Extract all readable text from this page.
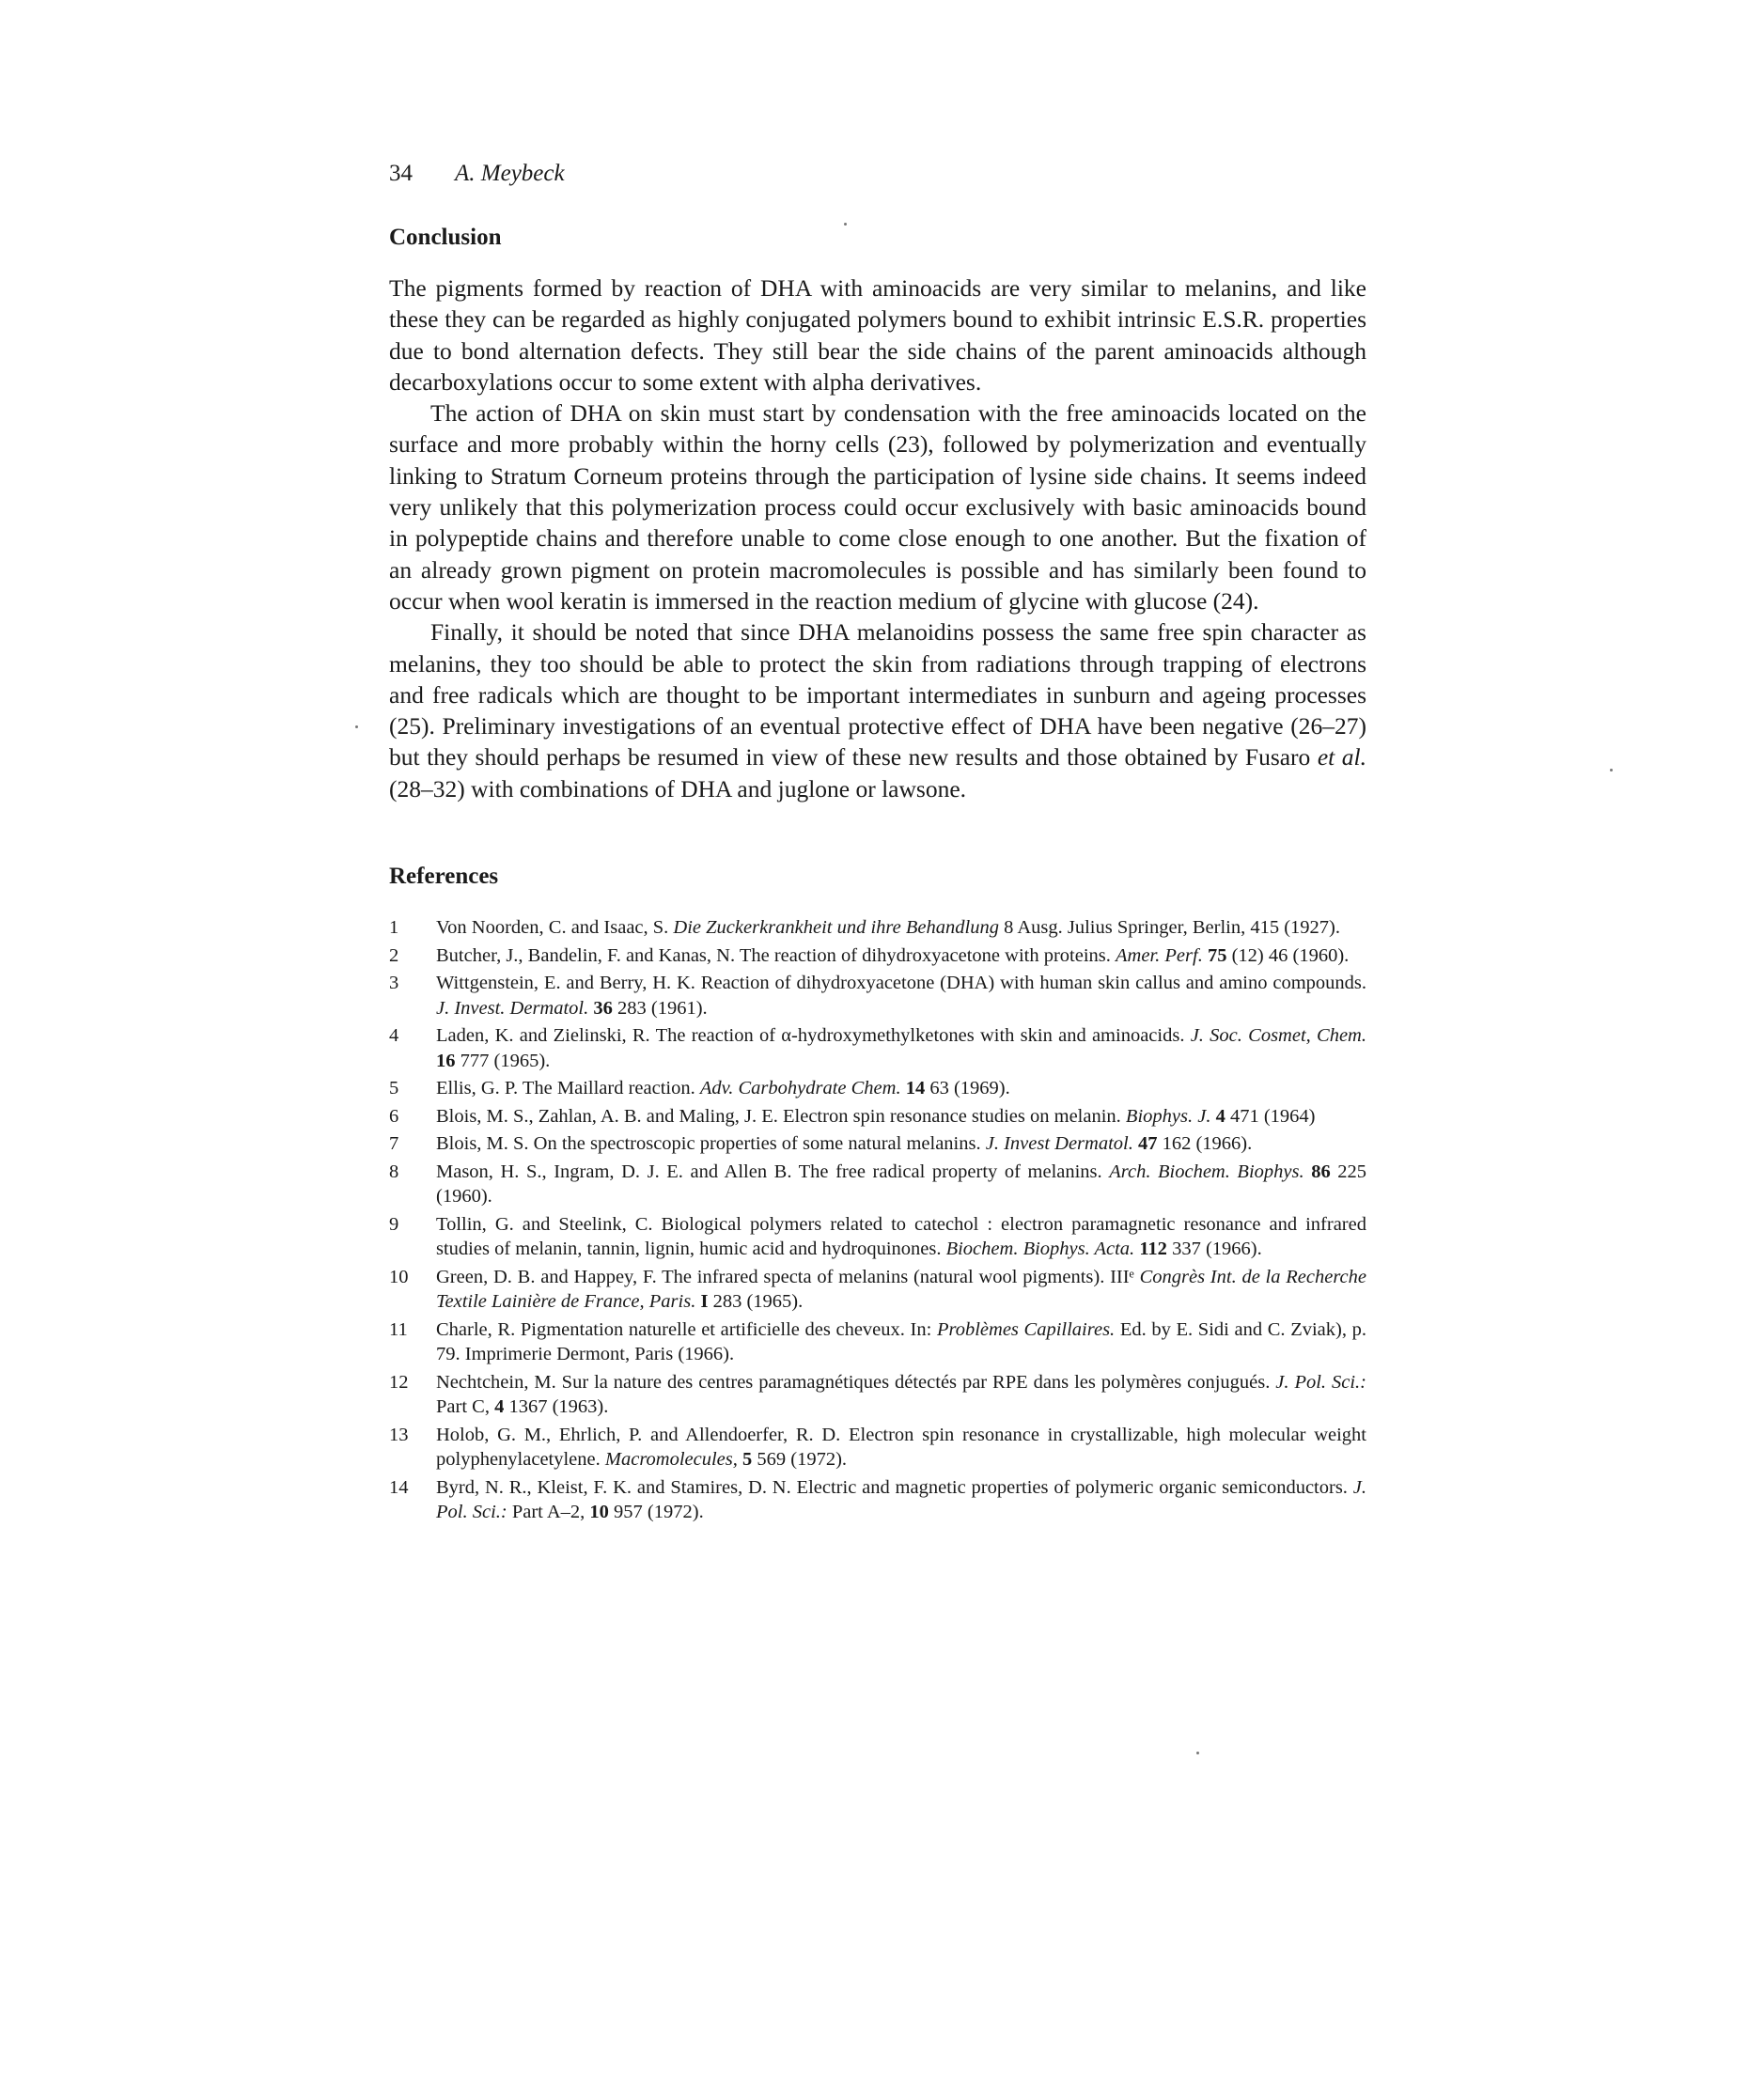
34 A. Meybeck
Conclusion

The pigments formed by reaction of DHA with aminoacids are very similar to melanins, and like these they can be regarded as highly conjugated polymers bound to exhibit intrinsic E.S.R. properties due to bond alternation defects. They still bear the side chains of the parent aminoacids although decarboxylations occur to some extent with alpha derivatives.

The action of DHA on skin must start by condensation with the free aminoacids located on the surface and more probably within the horny cells (23), followed by polymerization and eventually linking to Stratum Corneum proteins through the participation of lysine side chains. It seems indeed very unlikely that this polymerization process could occur exclusively with basic aminoacids bound in polypeptide chains and therefore unable to come close enough to one another. But the fixation of an already grown pigment on protein macromolecules is possible and has similarly been found to occur when wool keratin is immersed in the reaction medium of glycine with glucose (24).

Finally, it should be noted that since DHA melanoidins possess the same free spin character as melanins, they too should be able to protect the skin from radiations through trapping of electrons and free radicals which are thought to be important intermediates in sunburn and ageing processes (25). Preliminary investigations of an eventual protective effect of DHA have been negative (26–27) but they should perhaps be resumed in view of these new results and those obtained by Fusaro et al. (28–32) with combinations of DHA and juglone or lawsone.

References
1	Von Noorden, C. and Isaac, S. Die Zuckerkrankheit und ihre Behandlung 8 Ausg. Julius Springer, Berlin, 415 (1927).
2	Butcher, J., Bandelin, F. and Kanas, N. The reaction of dihydroxyacetone with proteins. Amer. Perf. 75 (12) 46 (1960).
3	Wittgenstein, E. and Berry, H. K. Reaction of dihydroxyacetone (DHA) with human skin callus and amino compounds. J. Invest. Dermatol. 36 283 (1961).
4	Laden, K. and Zielinski, R. The reaction of α-hydroxymethylketones with skin and aminoacids. J. Soc. Cosmet, Chem. 16 777 (1965).
5	Ellis, G. P. The Maillard reaction. Adv. Carbohydrate Chem. 14 63 (1969).
6	Blois, M. S., Zahlan, A. B. and Maling, J. E. Electron spin resonance studies on melanin. Biophys. J. 4 471 (1964)
7	Blois, M. S. On the spectroscopic properties of some natural melanins. J. Invest Dermatol. 47 162 (1966).
8	Mason, H. S., Ingram, D. J. E. and Allen B. The free radical property of melanins. Arch. Biochem. Biophys. 86 225 (1960).
9	Tollin, G. and Steelink, C. Biological polymers related to catechol : electron paramagnetic resonance and infrared studies of melanin, tannin, lignin, humic acid and hydroquinones. Biochem. Biophys. Acta. 112 337 (1966).
10	Green, D. B. and Happey, F. The infrared specta of melanins (natural wool pigments). IIIᵉ Congrès Int. de la Recherche Textile Lainière de France, Paris. I 283 (1965).
11	Charle, R. Pigmentation naturelle et artificielle des cheveux. In: Problèmes Capillaires. Ed. by E. Sidi and C. Zviak), p. 79. Imprimerie Dermont, Paris (1966).
12	Nechtchein, M. Sur la nature des centres paramagnétiques détectés par RPE dans les polymères conjugués. J. Pol. Sci.: Part C, 4 1367 (1963).
13	Holob, G. M., Ehrlich, P. and Allendoerfer, R. D. Electron spin resonance in crystallizable, high molecular weight polyphenylacetylene. Macromolecules, 5 569 (1972).
14	Byrd, N. R., Kleist, F. K. and Stamires, D. N. Electric and magnetic properties of polymeric organic semiconductors. J. Pol. Sci.: Part A–2, 10 957 (1972).
